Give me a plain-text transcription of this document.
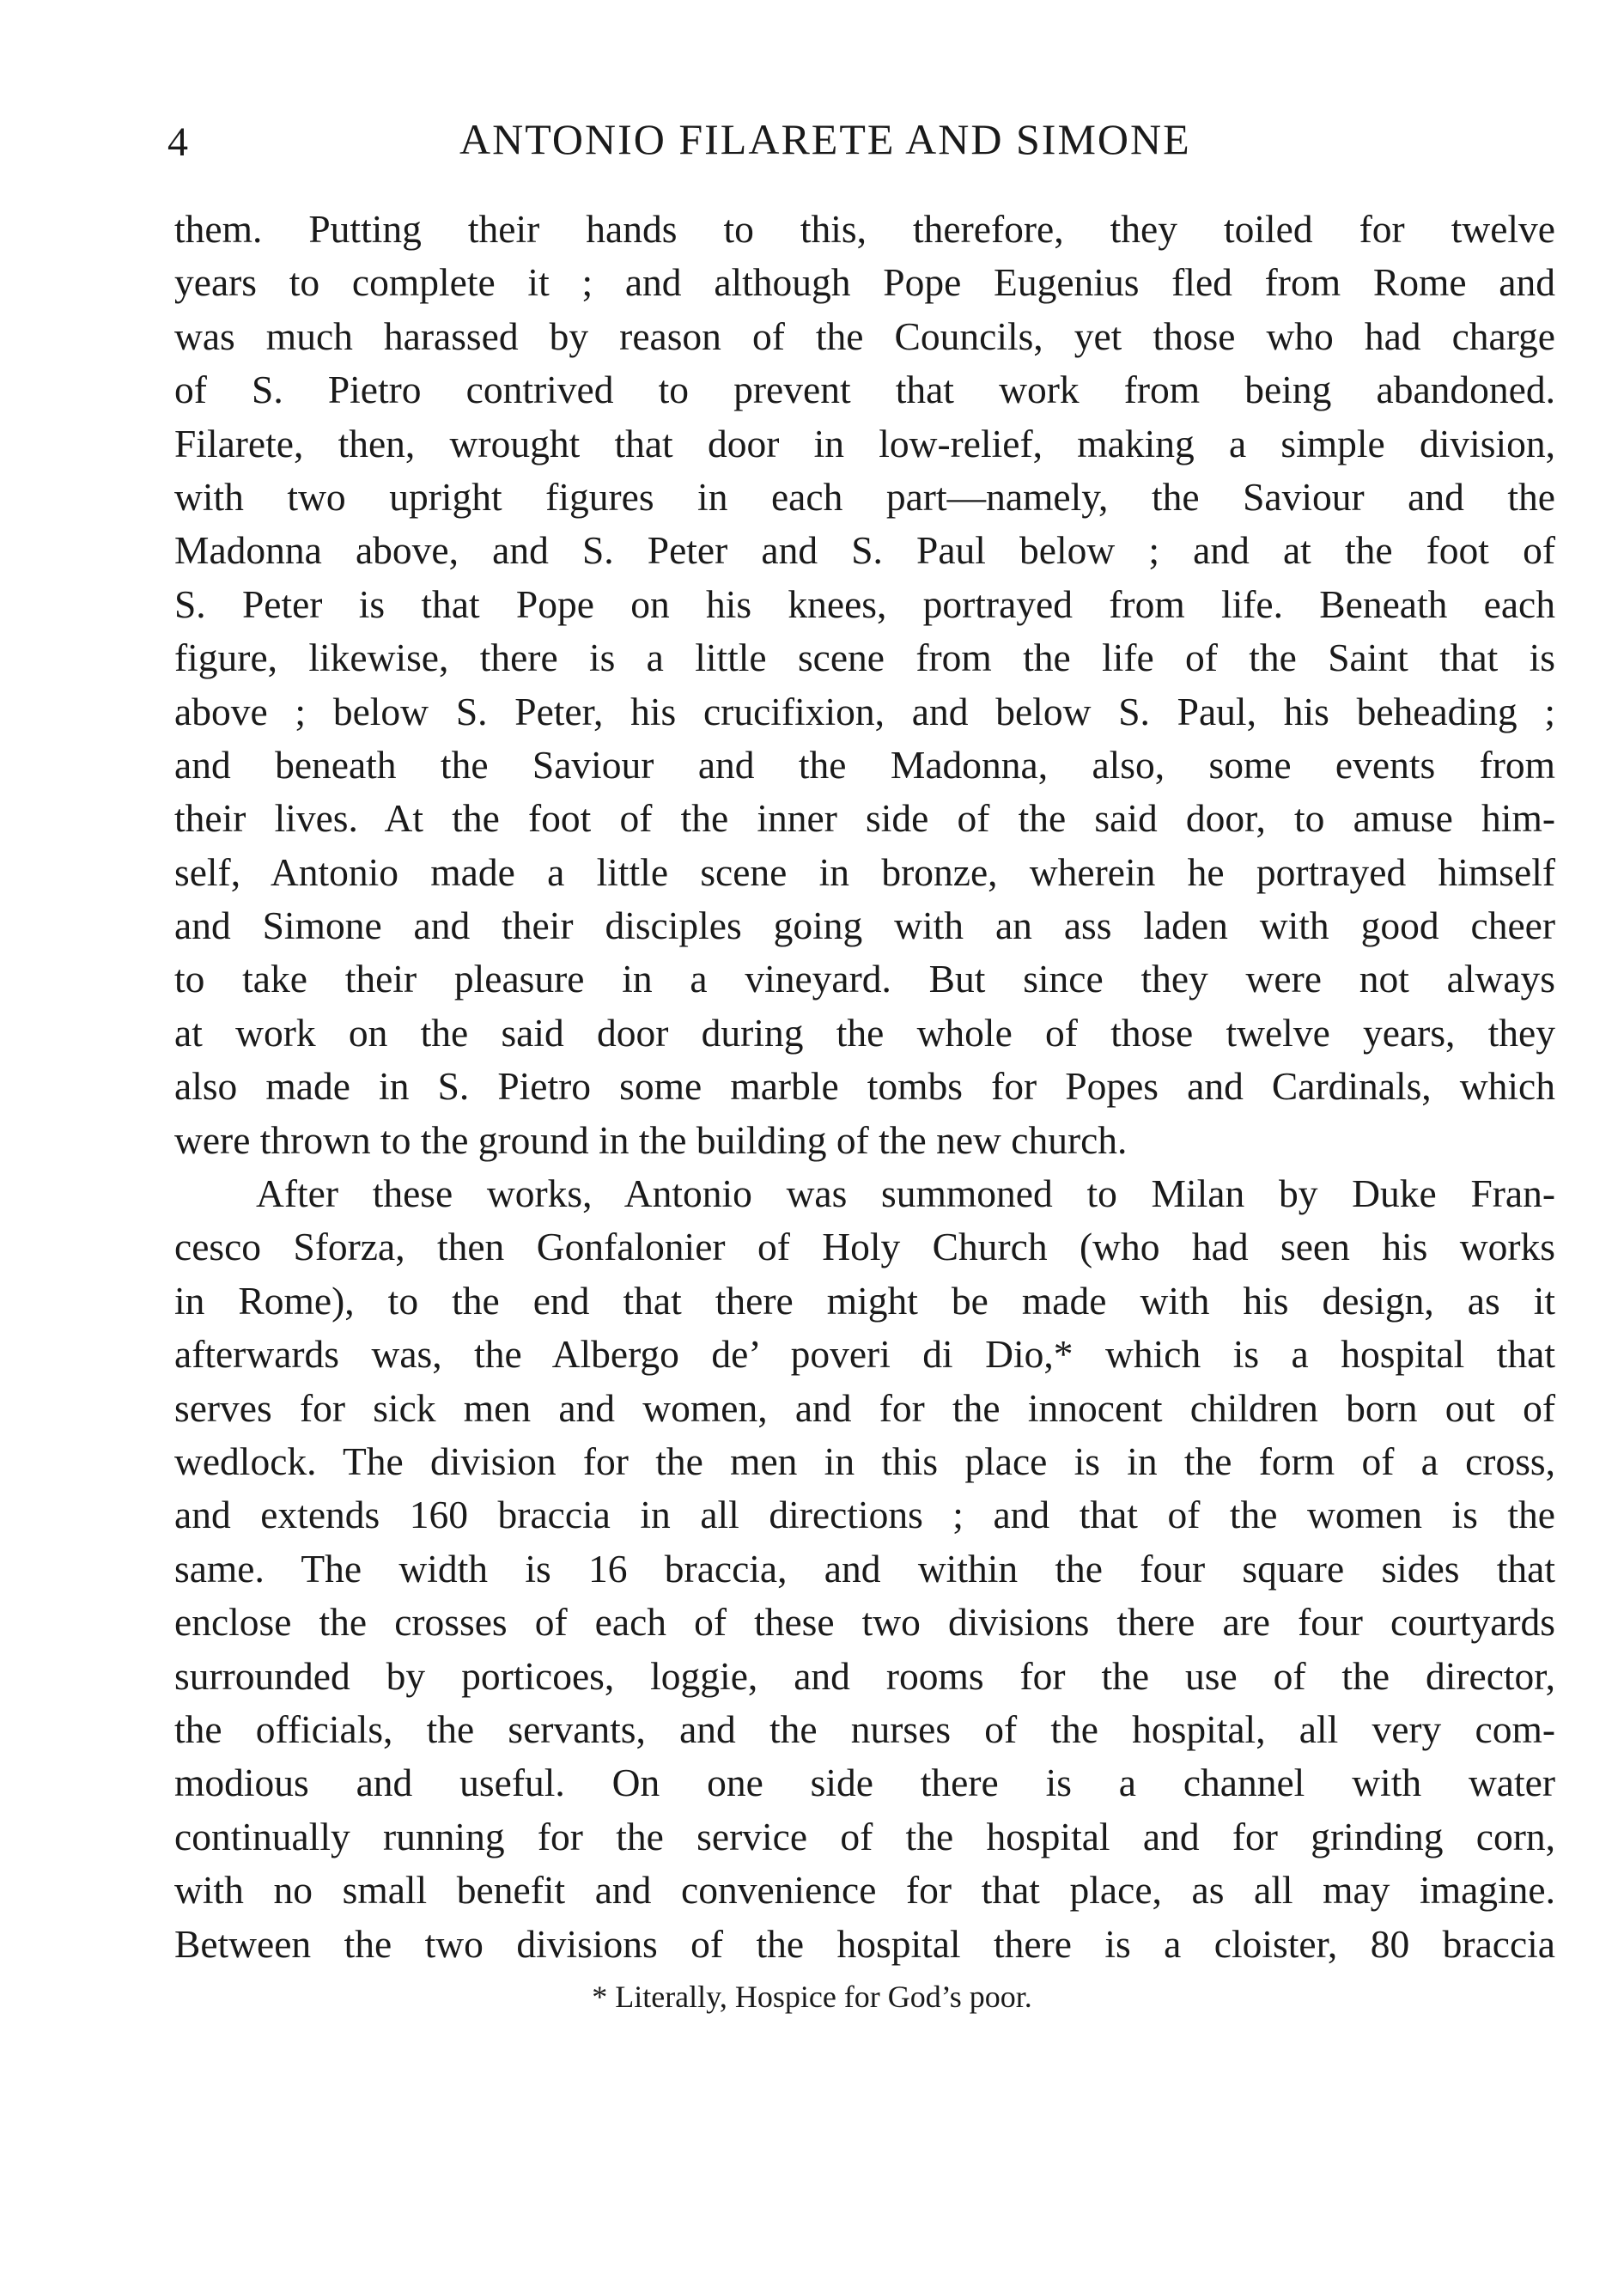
4	ANTONIO FILARETE AND SIMONE
them. Putting their hands to this, therefore, they toiled for twelve
years to complete it ; and although Pope Eugenius fled from Rome and
was much harassed by reason of the Councils, yet those who had charge
of S. Pietro contrived to prevent that work from being abandoned.
Filarete, then, wrought that door in low-relief, making a simple division,
with two upright figures in each part—namely, the Saviour and the
Madonna above, and S. Peter and S. Paul below ; and at the foot of
S. Peter is that Pope on his knees, portrayed from life. Beneath each
figure, likewise, there is a little scene from the life of the Saint that is
above ; below S. Peter, his crucifixion, and below S. Paul, his beheading ;
and beneath the Saviour and the Madonna, also, some events from
their lives. At the foot of the inner side of the said door, to amuse him-
self, Antonio made a little scene in bronze, wherein he portrayed himself
and Simone and their disciples going with an ass laden with good cheer
to take their pleasure in a vineyard. But since they were not always
at work on the said door during the whole of those twelve years, they
also made in S. Pietro some marble tombs for Popes and Cardinals, which
were thrown to the ground in the building of the new church.
After these works, Antonio was summoned to Milan by Duke Fran-
cesco Sforza, then Gonfalonier of Holy Church (who had seen his works
in Rome), to the end that there might be made with his design, as it
afterwards was, the Albergo de’ poveri di Dio,* which is a hospital that
serves for sick men and women, and for the innocent children born out of
wedlock. The division for the men in this place is in the form of a cross,
and extends 160 braccia in all directions ; and that of the women is the
same. The width is 16 braccia, and within the four square sides that
enclose the crosses of each of these two divisions there are four courtyards
surrounded by porticoes, loggie, and rooms for the use of the director,
the officials, the servants, and the nurses of the hospital, all very com-
modious and useful. On one side there is a channel with water
continually running for the service of the hospital and for grinding corn,
with no small benefit and convenience for that place, as all may imagine.
Between the two divisions of the hospital there is a cloister, 80 braccia
* Literally, Hospice for God’s poor.
